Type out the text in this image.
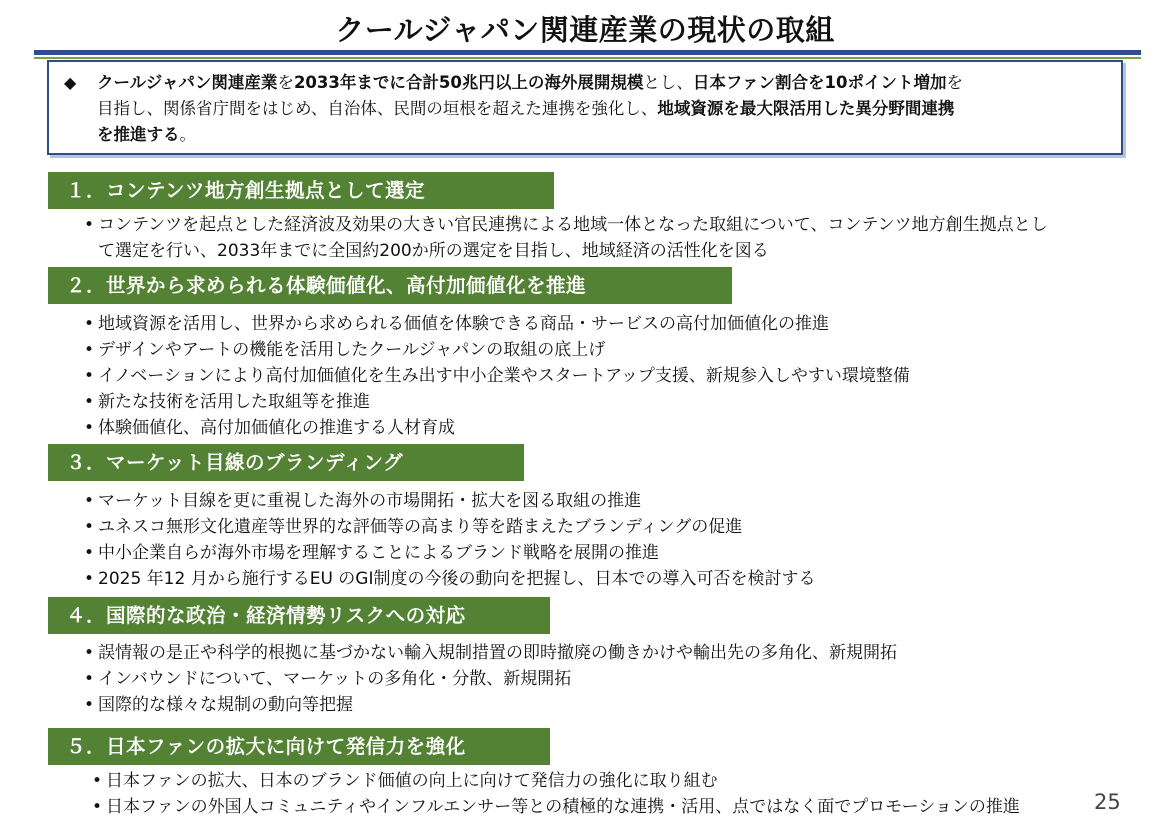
クールジャパン関連産業の現状の取組
◆ クールジャパン関連産業を2033年までに合計50兆円以上の海外展開規模とし、日本ファン割合を10ポイント増加を
目指し、関係省庁間をはじめ、自治体、民間の垣根を超えた連携を強化し、地域資源を最大限活用した異分野間連携
を推進する。
１．コンテンツ地方創生拠点として選定
• コンテンツを起点とした経済波及効果の大きい官民連携による地域一体となった取組について、コンテンツ地方創生拠点とし
て選定を行い、2033年までに全国約200か所の選定を目指し、地域経済の活性化を図る
２．世界から求められる体験価値化、高付加価値化を推進
• 地域資源を活用し、世界から求められる価値を体験できる商品・サービスの高付加価値化の推進
• デザインやアートの機能を活用したクールジャパンの取組の底上げ
• イノベーションにより高付加価値化を生み出す中小企業やスタートアップ支援、新規参入しやすい環境整備
• 新たな技術を活用した取組等を推進
• 体験価値化、高付加価値化の推進する人材育成
３．マーケット目線のブランディング
• マーケット目線を更に重視した海外の市場開拓・拡大を図る取組の推進
• ユネスコ無形文化遺産等世界的な評価等の高まり等を踏まえたブランディングの促進
• 中小企業自らが海外市場を理解することによるブランド戦略を展開の推進
• 2025 年12 月から施行するEU のGI制度の今後の動向を把握し、日本での導入可否を検討する
４．国際的な政治・経済情勢リスクへの対応
• 誤情報の是正や科学的根拠に基づかない輸入規制措置の即時撤廃の働きかけや輸出先の多角化、新規開拓
• インバウンドについて、マーケットの多角化・分散、新規開拓
• 国際的な様々な規制の動向等把握
５．日本ファンの拡大に向けて発信力を強化
• 日本ファンの拡大、日本のブランド価値の向上に向けて発信力の強化に取り組む
• 日本ファンの外国人コミュニティやインフルエンサー等との積極的な連携・活用、点ではなく面でプロモーションの推進	25
